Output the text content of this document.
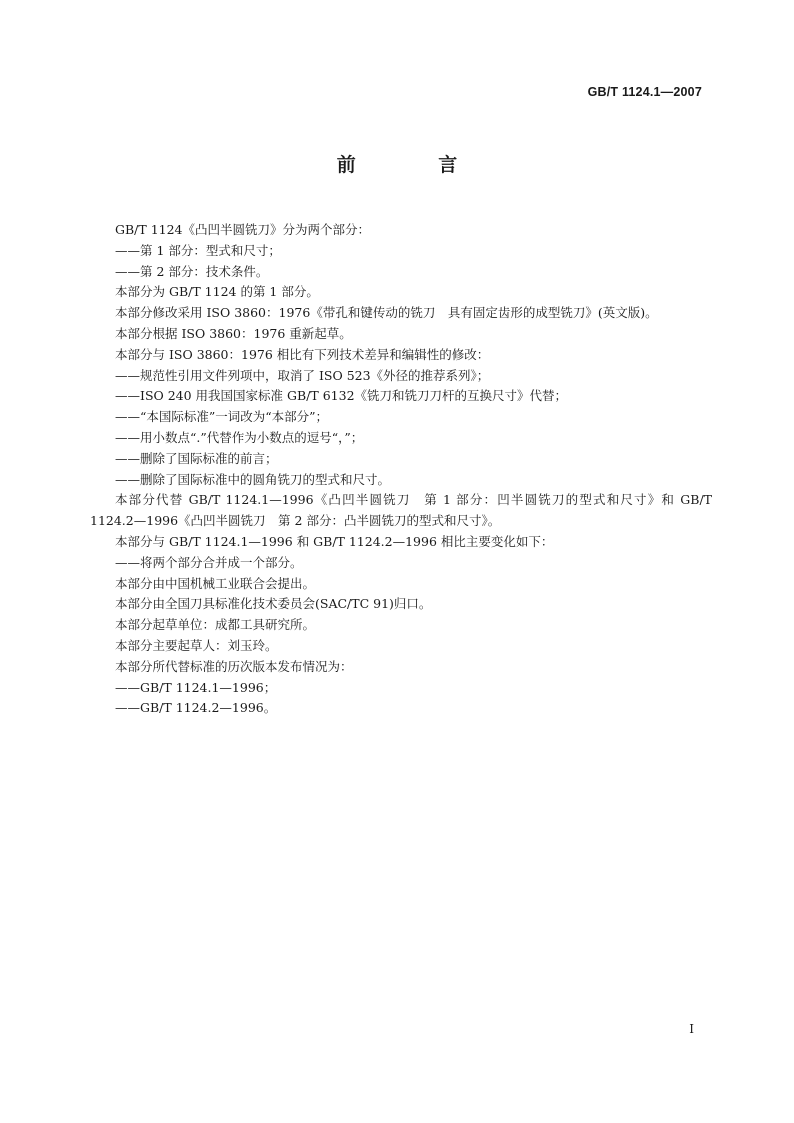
GB/T 1124.1—2007
前 言

GB/T 1124《凸凹半圆铣刀》分为两个部分：

——第 1 部分：型式和尺寸；

——第 2 部分：技术条件。

本部分为 GB/T 1124 的第 1 部分。

本部分修改采用 ISO 3860：1976《带孔和键传动的铣刀　具有固定齿形的成型铣刀》(英文版)。

本部分根据 ISO 3860：1976 重新起草。

本部分与 ISO 3860：1976 相比有下列技术差异和编辑性的修改：

——规范性引用文件列项中，取消了 ISO 523《外径的推荐系列》；

——ISO 240 用我国国家标准 GB/T 6132《铣刀和铣刀刀杆的互换尺寸》代替；

——“本国际标准”一词改为“本部分”；

——用小数点“.”代替作为小数点的逗号“，”；

——删除了国际标准的前言；

——删除了国际标准中的圆角铣刀的型式和尺寸。

本部分代替 GB/T 1124.1—1996《凸凹半圆铣刀　第 1 部分：凹半圆铣刀的型式和尺寸》和 GB/T 1124.2—1996《凸凹半圆铣刀　第 2 部分：凸半圆铣刀的型式和尺寸》。

本部分与 GB/T 1124.1—1996 和 GB/T 1124.2—1996 相比主要变化如下：

——将两个部分合并成一个部分。

本部分由中国机械工业联合会提出。

本部分由全国刀具标准化技术委员会(SAC/TC 91)归口。

本部分起草单位：成都工具研究所。

本部分主要起草人：刘玉玲。

本部分所代替标准的历次版本发布情况为：

——GB/T 1124.1—1996；

——GB/T 1124.2—1996。

I
